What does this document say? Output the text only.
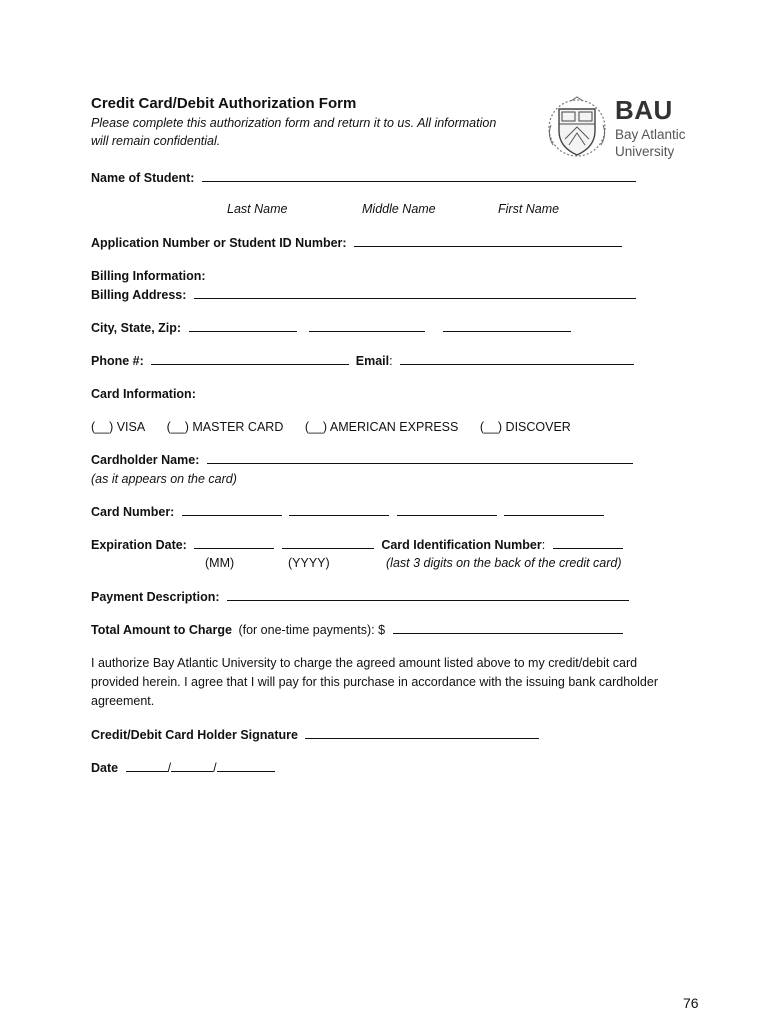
Credit Card/Debit Authorization Form
Please complete this authorization form and return it to us. All information
will remain confidential.
BAU
Bay Atlantic
University
Name of Student:
Last Name	Middle Name	First Name
Application Number or Student ID Number:
Billing Information:
Billing Address:
City, State, Zip:
Phone #:	Email:
Card Information:
(__) VISA (__) MASTER CARD (__) AMERICAN EXPRESS (__) DISCOVER
Cardholder Name:
(as it appears on the card)
Card Number:
Expiration Date:	Card Identification Number:
(MM)	(YYYY)	(last 3 digits on the back of the credit card)
Payment Description:
Total Amount to Charge (for one-time payments): $
I authorize Bay Atlantic University to charge the agreed amount listed above to my credit/debit card
provided herein. I agree that I will pay for this purchase in accordance with the issuing bank cardholder
agreement.
Credit/Debit Card Holder Signature
Date	/	/
76
